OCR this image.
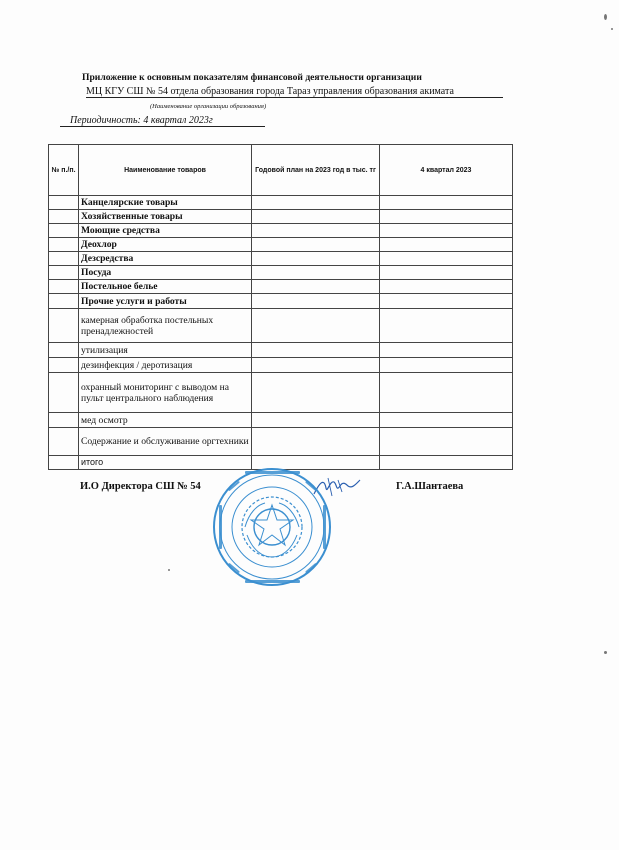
Приложение к основным показателям финансовой деятельности организации
МЦ КГУ СШ № 54 отдела образования города Тараз управления образования акимата
(Наименование организации образования)
Периодичность: 4 квартал 2023г
№ п./п.	Наименование товаров	Годовой план на 2023 год в тыс. тг	4 квартал 2023
	Канцелярские товары		
	Хозяйственные товары		
	Моющие средства		
	Деохлор		
	Дезсредства		
	Посуда		
	Постельное белье		
	Прочие услуги и работы		
	камерная обработка постельных пренадлежностей		
	утилизация		
	дезинфекция / деротизация		
	охранный мониторинг с выводом на пульт центрального наблюдения		
	мед осмотр		
	Содержание и обслуживание оргтехники		
	итого		
И.О Директора СШ № 54	Г.А.Шантаева
